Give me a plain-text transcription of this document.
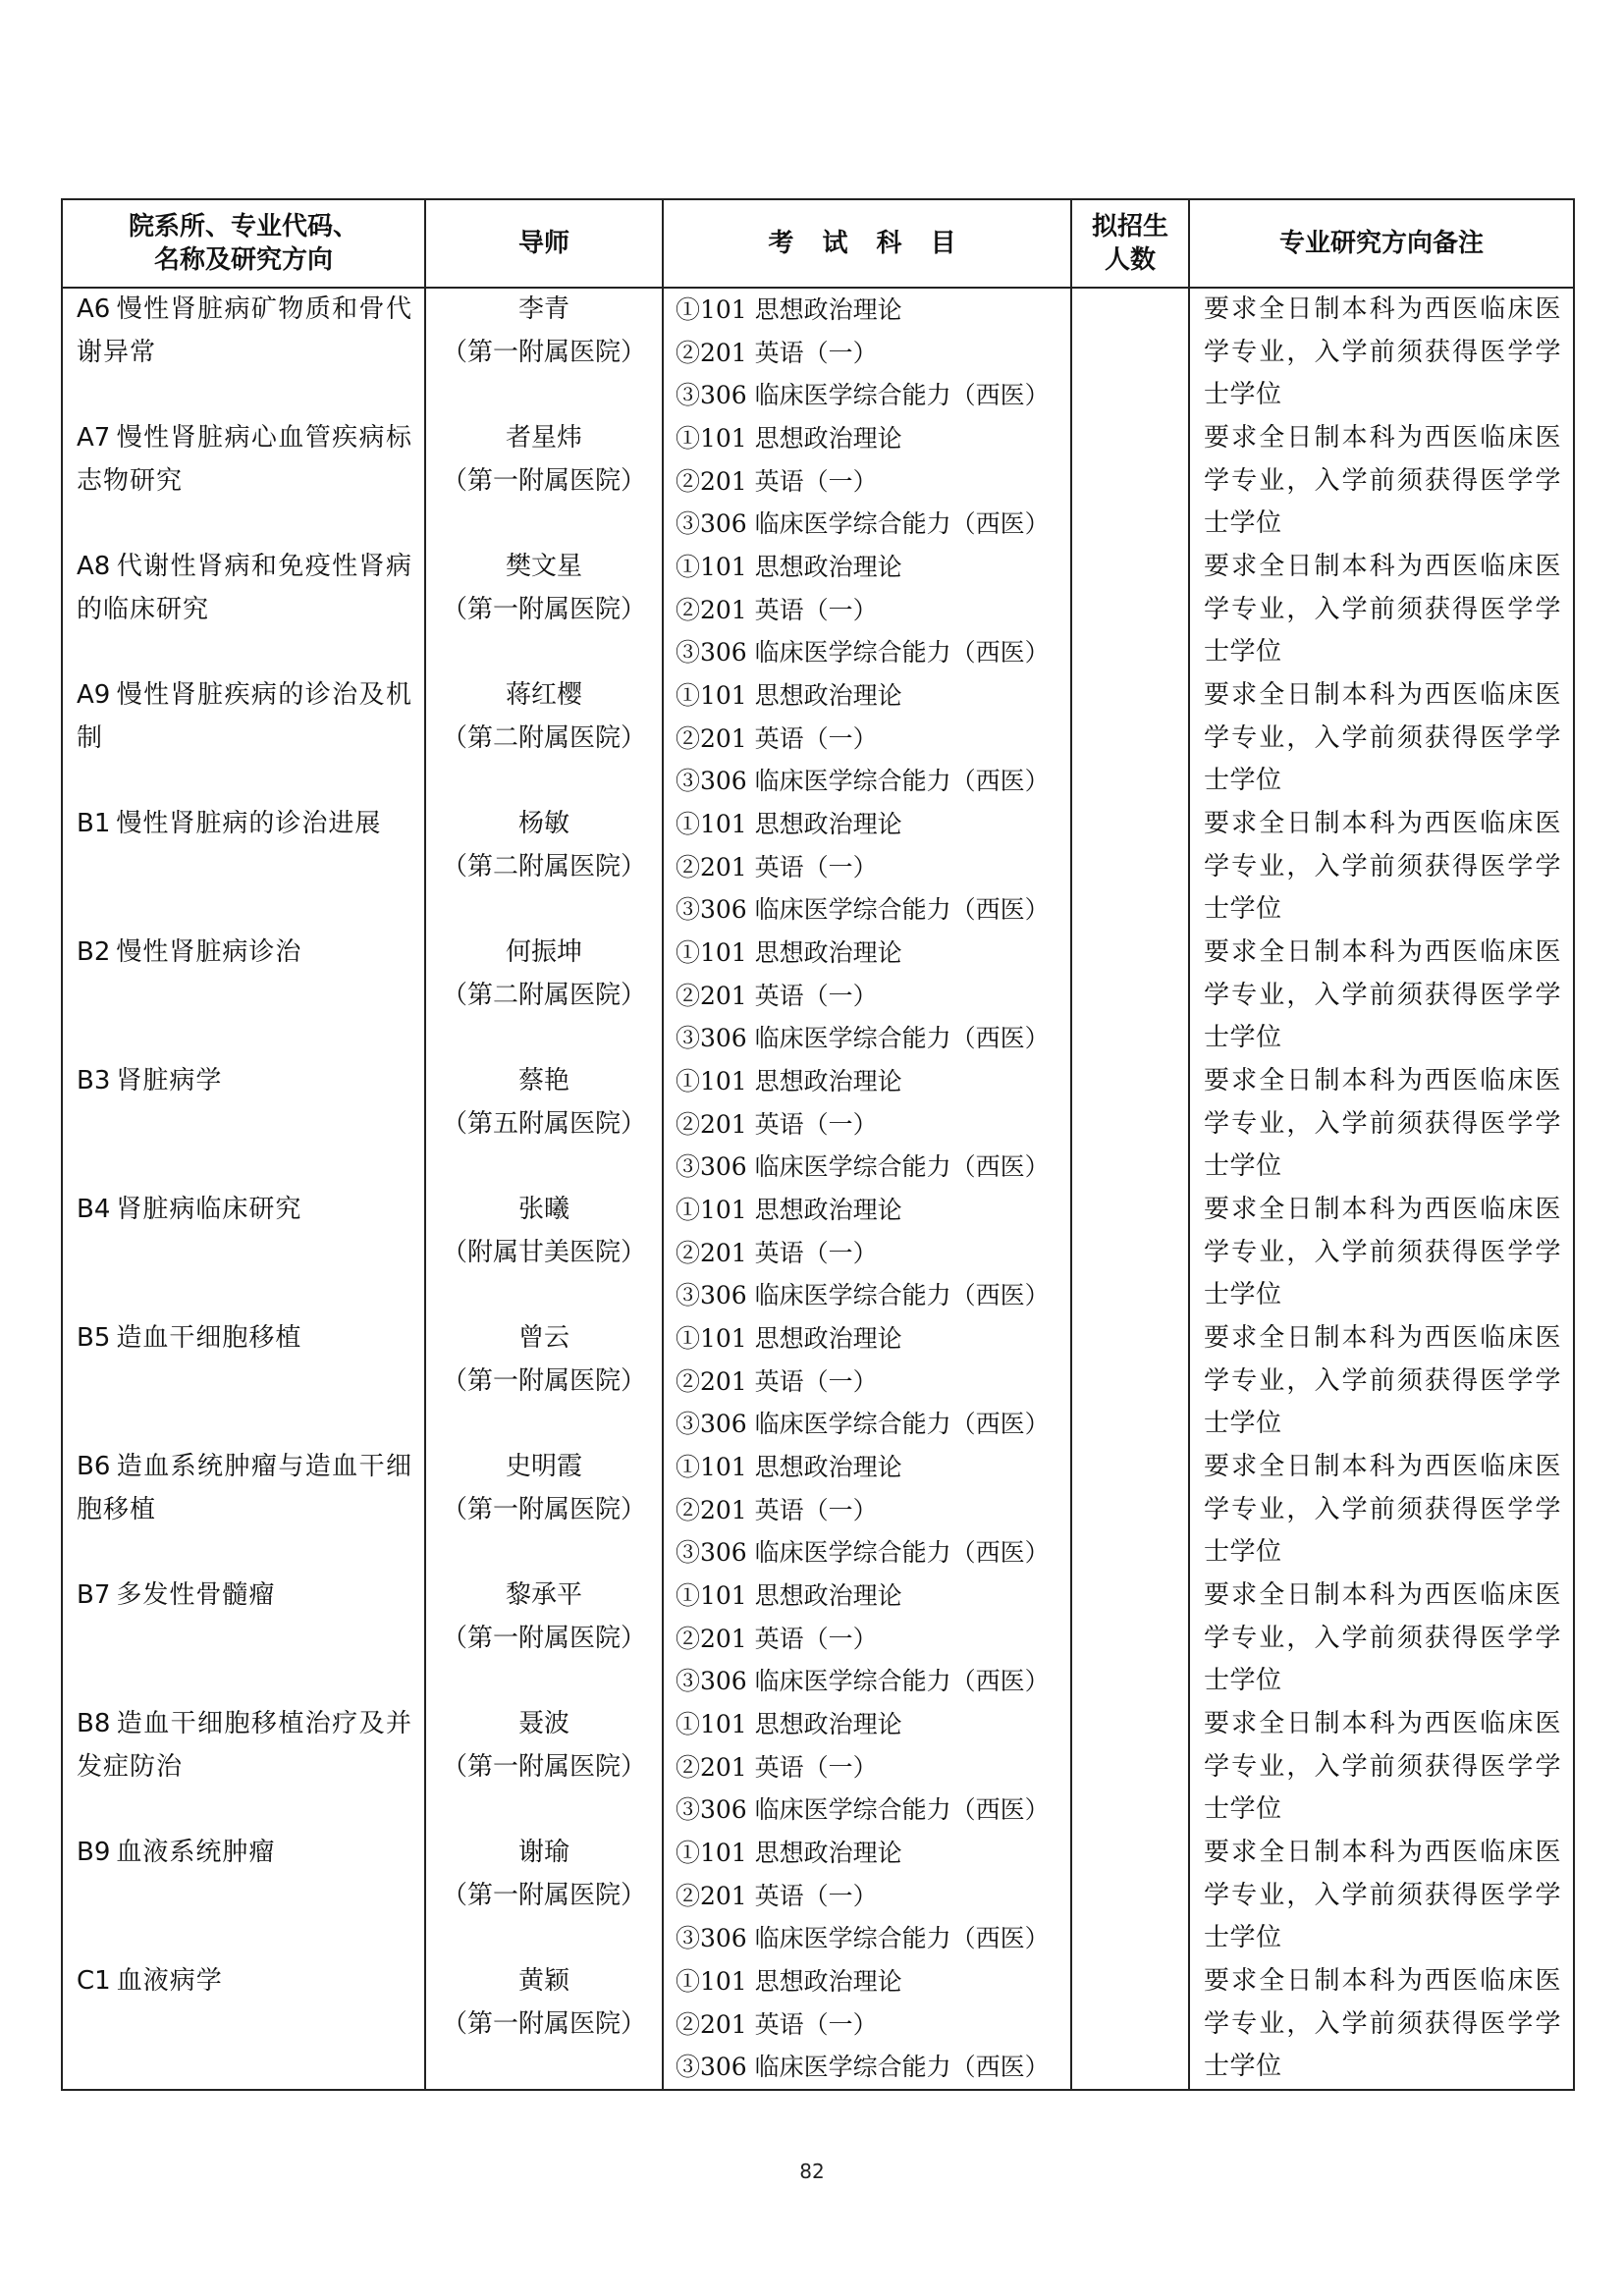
院系所、专业代码、
名称及研究方向	导师	考 试 科 目	拟招生
人数	专业研究方向备注
A6 慢性肾脏病矿物质和骨代谢异常	李青
（第一附属医院）	①101 思想政治理论
②201 英语（一）
③306 临床医学综合能力（西医）		要求全日制本科为西医临床医学专业，入学前须获得医学学士学位

A7 慢性肾脏病心血管疾病标志物研究	者星炜
（第一附属医院）	①101 思想政治理论
②201 英语（一）
③306 临床医学综合能力（西医）		要求全日制本科为西医临床医学专业，入学前须获得医学学士学位

A8 代谢性肾病和免疫性肾病的临床研究	樊文星
（第一附属医院）	①101 思想政治理论
②201 英语（一）
③306 临床医学综合能力（西医）		要求全日制本科为西医临床医学专业，入学前须获得医学学士学位

A9 慢性肾脏疾病的诊治及机制	蒋红樱
（第二附属医院）	①101 思想政治理论
②201 英语（一）
③306 临床医学综合能力（西医）		要求全日制本科为西医临床医学专业，入学前须获得医学学士学位

B1 慢性肾脏病的诊治进展	杨敏
（第二附属医院）	①101 思想政治理论
②201 英语（一）
③306 临床医学综合能力（西医）		要求全日制本科为西医临床医学专业，入学前须获得医学学士学位

B2 慢性肾脏病诊治	何振坤
（第二附属医院）	①101 思想政治理论
②201 英语（一）
③306 临床医学综合能力（西医）		要求全日制本科为西医临床医学专业，入学前须获得医学学士学位

B3 肾脏病学	蔡艳
（第五附属医院）	①101 思想政治理论
②201 英语（一）
③306 临床医学综合能力（西医）		要求全日制本科为西医临床医学专业，入学前须获得医学学士学位

B4 肾脏病临床研究	张曦
（附属甘美医院）	①101 思想政治理论
②201 英语（一）
③306 临床医学综合能力（西医）		要求全日制本科为西医临床医学专业，入学前须获得医学学士学位

B5 造血干细胞移植	曾云
（第一附属医院）	①101 思想政治理论
②201 英语（一）
③306 临床医学综合能力（西医）		要求全日制本科为西医临床医学专业，入学前须获得医学学士学位

B6 造血系统肿瘤与造血干细胞移植	史明霞
（第一附属医院）	①101 思想政治理论
②201 英语（一）
③306 临床医学综合能力（西医）		要求全日制本科为西医临床医学专业，入学前须获得医学学士学位

B7 多发性骨髓瘤	黎承平
（第一附属医院）	①101 思想政治理论
②201 英语（一）
③306 临床医学综合能力（西医）		要求全日制本科为西医临床医学专业，入学前须获得医学学士学位

B8 造血干细胞移植治疗及并发症防治	聂波
（第一附属医院）	①101 思想政治理论
②201 英语（一）
③306 临床医学综合能力（西医）		要求全日制本科为西医临床医学专业，入学前须获得医学学士学位

B9 血液系统肿瘤	谢瑜
（第一附属医院）	①101 思想政治理论
②201 英语（一）
③306 临床医学综合能力（西医）		要求全日制本科为西医临床医学专业，入学前须获得医学学士学位

C1 血液病学	黄颖
（第一附属医院）	①101 思想政治理论
②201 英语（一）
③306 临床医学综合能力（西医）		要求全日制本科为西医临床医学专业，入学前须获得医学学士学位
82
